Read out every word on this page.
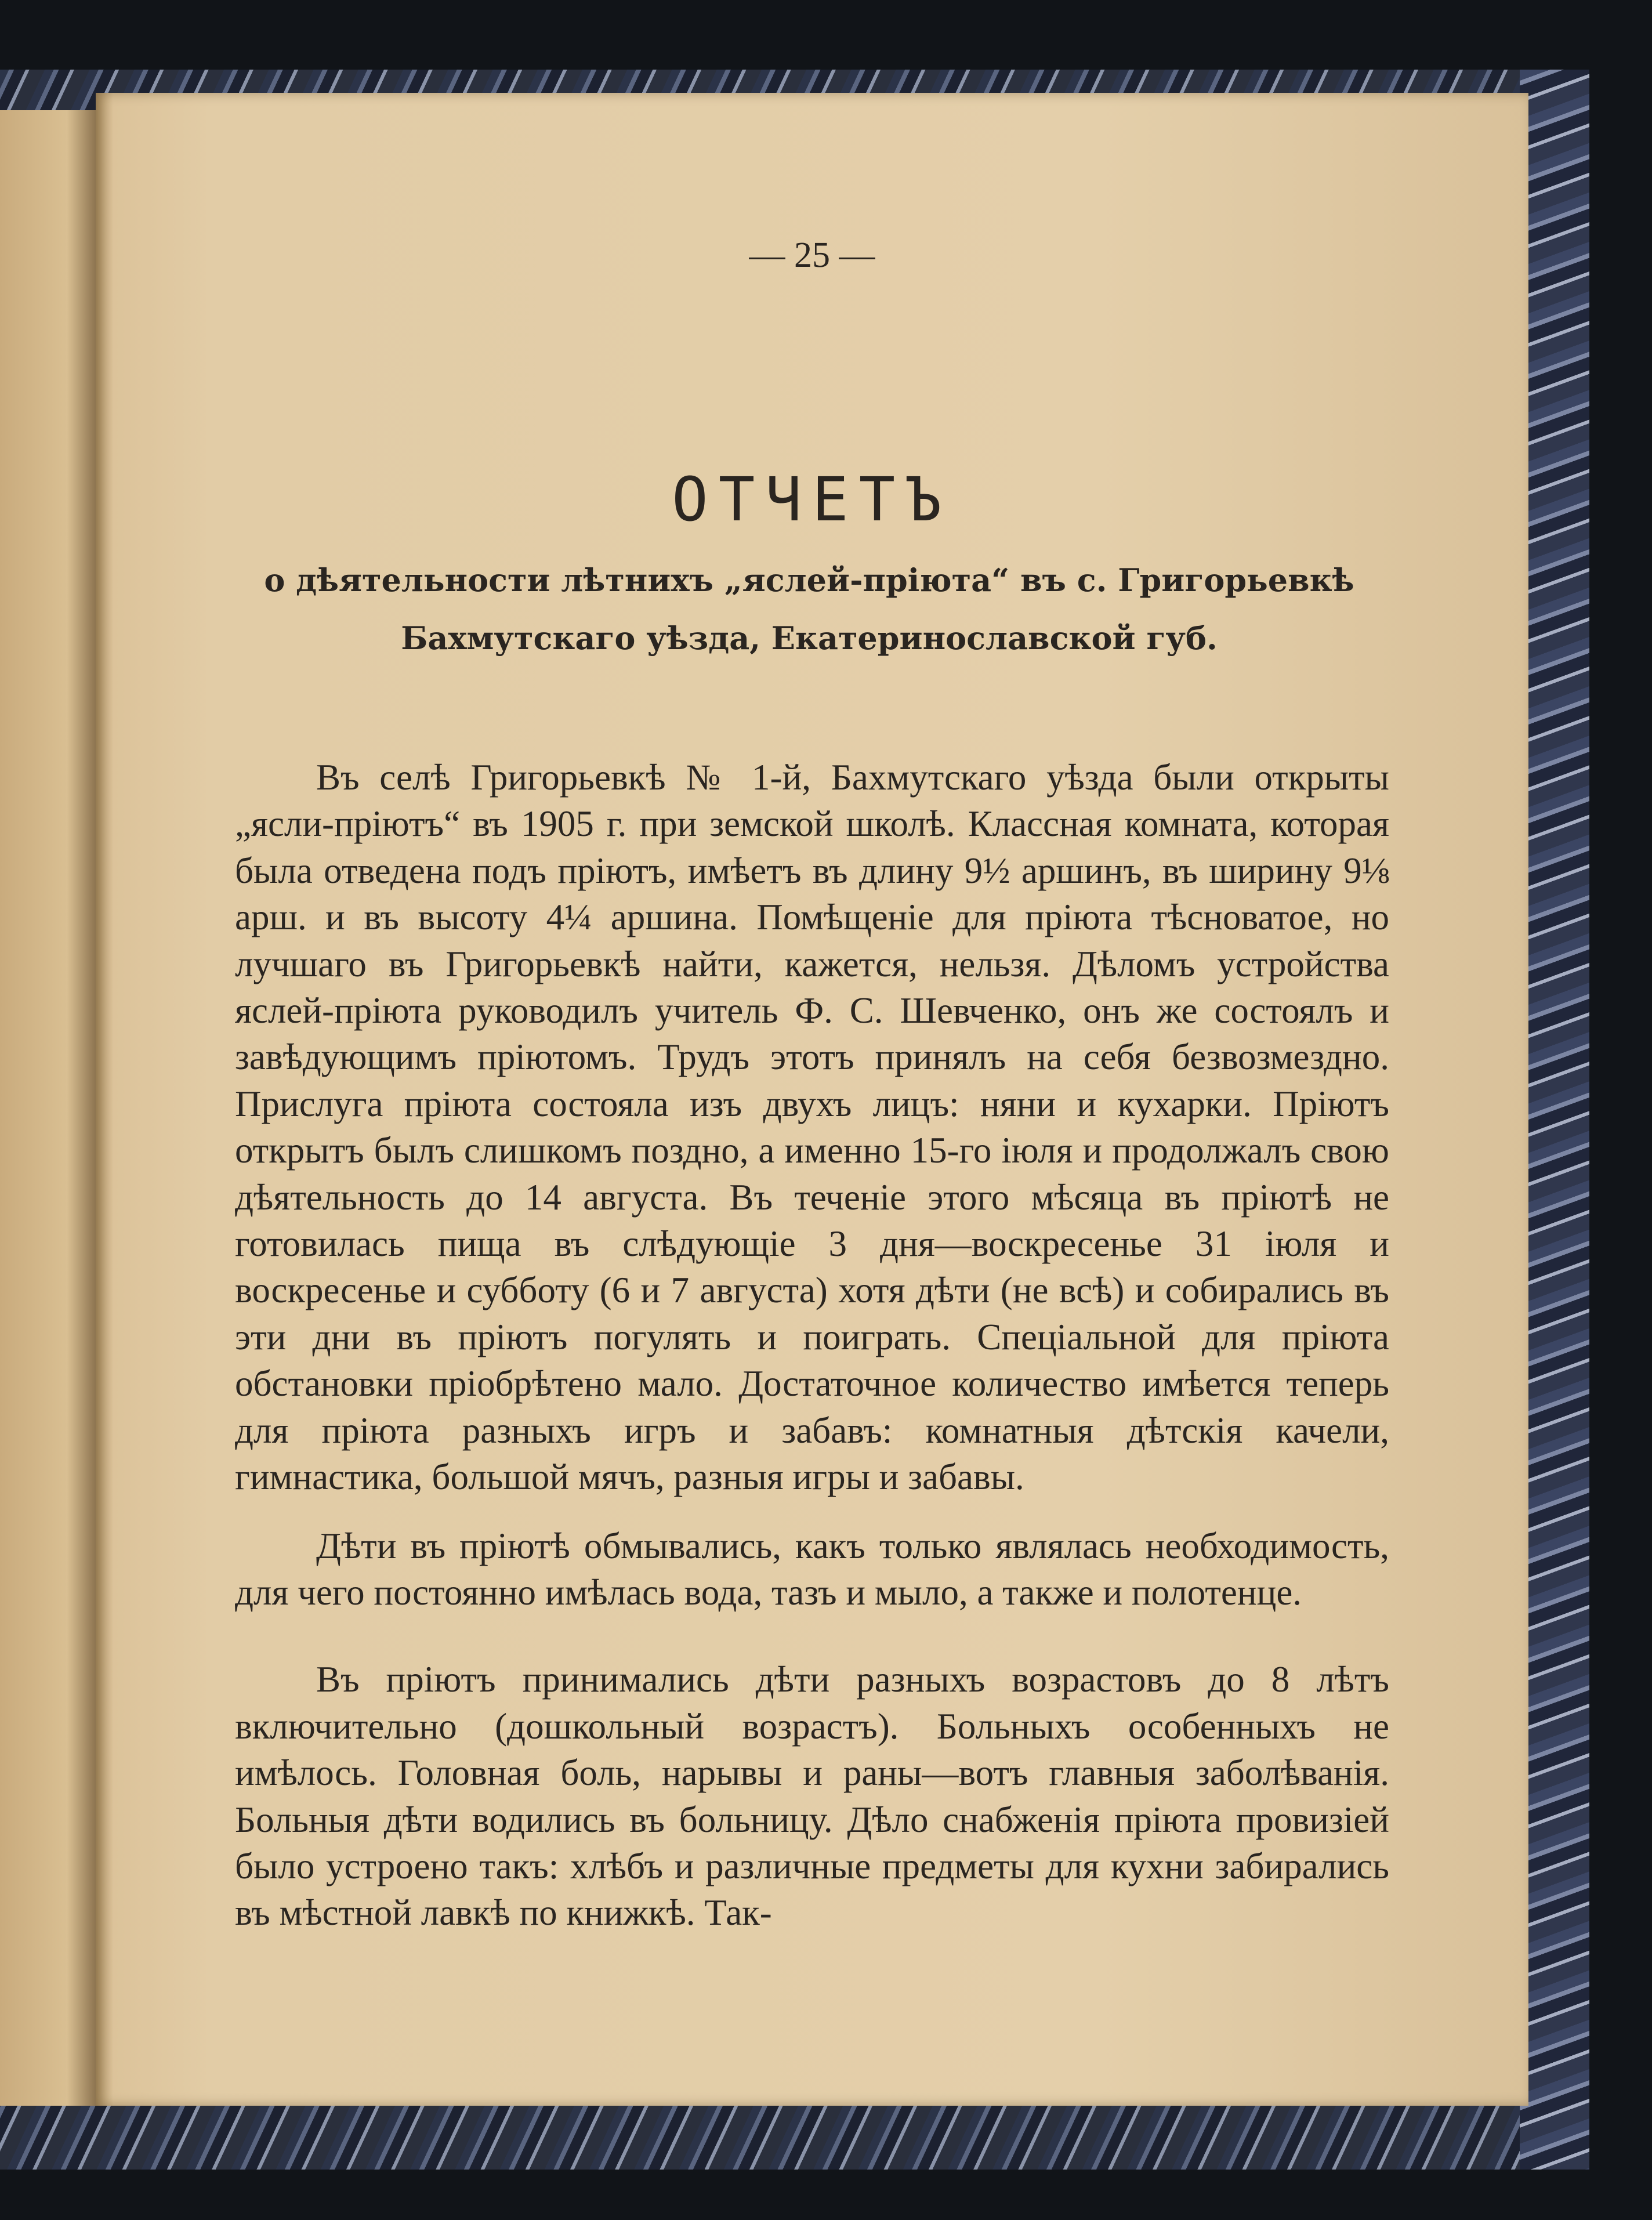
— 25 —
ОТЧЕТЪ
о дѣятельности лѣтнихъ „яслей-пріюта“ въ с. Григорьевкѣ
Бахмутскаго уѣзда, Екатеринославской губ.

Въ селѣ Григорьевкѣ № 1-й, Бахмутскаго уѣзда были открыты „ясли-пріютъ“ въ 1905 г. при земской школѣ. Классная комната, которая была отведена подъ пріютъ, имѣетъ въ длину 9½ аршинъ, въ ширину 9⅛ арш. и въ высоту 4¼ аршина. Помѣщеніе для пріюта тѣсноватое, но лучшаго въ Григорьевкѣ найти, кажется, нельзя. Дѣломъ устройства яслей-пріюта руководилъ учитель Ф. С. Шевченко, онъ же состоялъ и завѣдующимъ пріютомъ. Трудъ этотъ принялъ на себя безвозмездно. Прислуга пріюта состояла изъ двухъ лицъ: няни и кухарки. Пріютъ открытъ былъ слишкомъ поздно, а именно 15-го іюля и продолжалъ свою дѣятельность до 14 августа. Въ теченіе этого мѣсяца въ пріютѣ не готовилась пища въ слѣдующіе 3 дня—воскресенье 31 іюля и воскресенье и субботу (6 и 7 августа) хотя дѣти (не всѣ) и собирались въ эти дни въ пріютъ погулять и поиграть. Спеціальной для пріюта обстановки пріобрѣтено мало. Достаточное количество имѣется теперь для пріюта разныхъ игръ и забавъ: комнатныя дѣтскія качели, гимнастика, большой мячъ, разныя игры и забавы.

Дѣти въ пріютѣ обмывались, какъ только являлась необходимость, для чего постоянно имѣлась вода, тазъ и мыло, а также и полотенце.

Въ пріютъ принимались дѣти разныхъ возрастовъ до 8 лѣтъ включительно (дошкольный возрастъ). Больныхъ особенныхъ не имѣлось. Головная боль, нарывы и раны—вотъ главныя заболѣванія. Больныя дѣти водились въ больницу. Дѣло снабженія пріюта провизіей было устроено такъ: хлѣбъ и различные предметы для кухни забирались въ мѣстной лавкѣ по книжкѣ. Так-
